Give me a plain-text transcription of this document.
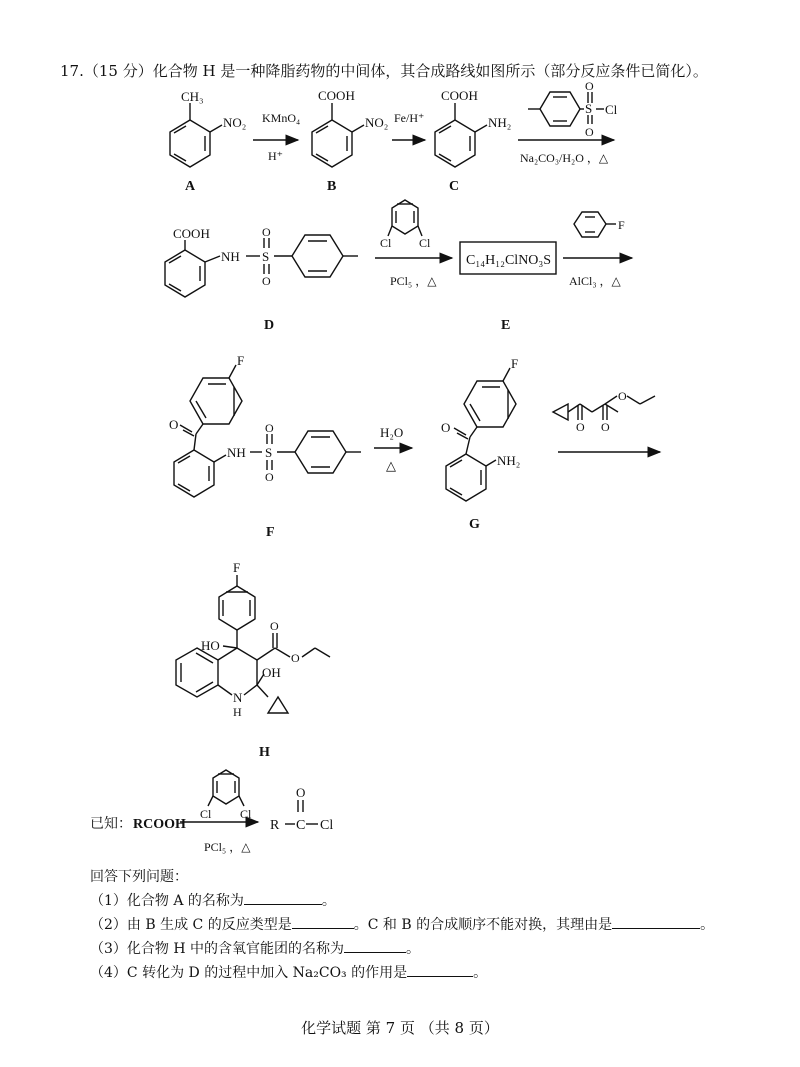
17.（15 分）化合物 H 是一种降脂药物的中间体，其合成路线如图所示（部分反应条件已简化）。
CH₃
NO₂
A
KMnO₄
H⁺
COOH
NO₂
B
Fe/H⁺
COOH
NH₂
C
S
O
O
Cl
Na₂CO₃/H₂O ，△
COOH
NH S
O
O
D
Cl Cl
PCl₅ ，△
C₁₄H₁₂ClNO₃S
E
F
AlCl₃ ，△
F
O
NH S
O
O
F
H₂O
△
F
O
NH₂
G
O O
O
F
HO
O
O
OH
N
H
H
已知： RCOOH
Cl Cl
PCl₅ ，△
R C
O
Cl
回答下列问题：
（1）化合物 A 的名称为	。
（2）由 B 生成 C 的反应类型是	。C 和 B 的合成顺序不能对换，其理由是	。
（3）化合物 H 中的含氧官能团的名称为	。
（4）C 转化为 D 的过程中加入 Na₂CO₃ 的作用是	。
化学试题 第 7 页 （共 8 页）
